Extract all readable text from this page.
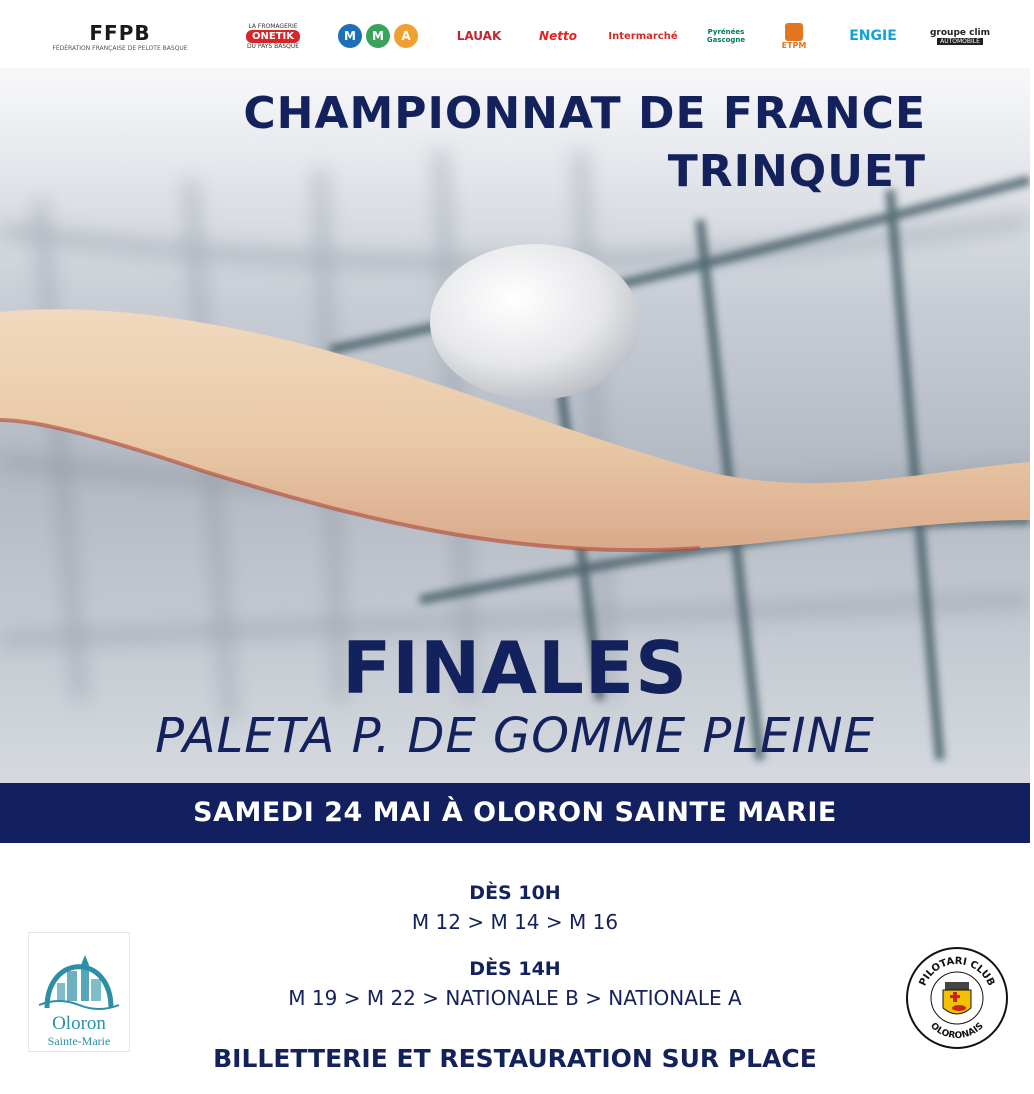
FFPB
FÉDÉRATION FRANÇAISE DE PELOTE BASQUE
LA FROMAGERIE
ONETIK
DU PAYS BASQUE
M	M	A	LAUAK	Netto	Intermarché	Pyrénées Gascogne
ETPM
ENGIE	groupe clim
AUTOMOBILE
CHAMPIONNAT DE FRANCE
TRINQUET
FINALES
PALETA P. DE GOMME PLEINE
SAMEDI 24 MAI À OLORON SAINTE MARIE
DÈS 10H
M 12 > M 14 > M 16
DÈS 14H
M 19 > M 22 > NATIONALE B > NATIONALE A
BILLETTERIE ET RESTAURATION SUR PLACE
Oloron
Sainte-Marie
PILOTARI CLUB
OLORONAIS
